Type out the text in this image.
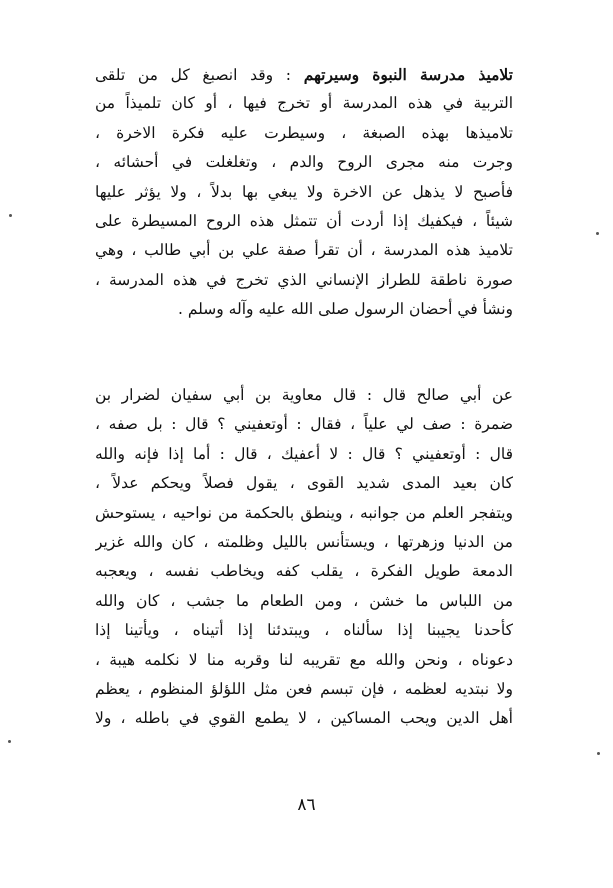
تلاميذ مدرسة النبوة وسيرتهم : وقد انصبغ كل من تلقى
التربية في هذه المدرسة أو تخرج فيها ، أو كان تلميذاً من
تلاميذها بهذه الصبغة ، وسيطرت عليه فكرة الاخرة ،
وجرت منه مجرى الروح والدم ، وتغلغلت في أحشائه ،
فأصبح لا يذهل عن الاخرة ولا يبغي بها بدلاً ، ولا يؤثر عليها
شيئاً ، فيكفيك إذا أردت أن تتمثل هذه الروح المسيطرة على
تلاميذ هذه المدرسة ، أن تقرأ صفة علي بن أبي طالب ، وهي
صورة ناطقة للطراز الإنساني الذي تخرج في هذه المدرسة ،
ونشأ في أحضان الرسول صلى الله عليه وآله وسلم .
عن أبي صالح قال : قال معاوية بن أبي سفيان لضرار بن
ضمرة : صف لي علياً ، فقال : أوتعفيني ؟ قال : بل صفه ،
قال : أوتعفيني ؟ قال : لا أعفيك ، قال : أما إذا فإنه والله
كان بعيد المدى شديد القوى ، يقول فصلاً ويحكم عدلاً ،
ويتفجر العلم من جوانبه ، وينطق بالحكمة من نواحيه ، يستوحش
من الدنيا وزهرتها ، ويستأنس بالليل وظلمته ، كان والله غزير
الدمعة طويل الفكرة ، يقلب كفه ويخاطب نفسه ، ويعجبه
من اللباس ما خشن ، ومن الطعام ما جشب ، كان والله
كأحدنا يجيبنا إذا سألناه ، ويبتدئنا إذا أتيناه ، ويأتينا إذا
دعوناه ، ونحن والله مع تقريبه لنا وقربه منا لا نكلمه هيبة ،
ولا نبتديه لعظمه ، فإن تبسم فعن مثل اللؤلؤ المنظوم ، يعظم
أهل الدين ويحب المساكين ، لا يطمع القوي في باطله ، ولا
٨٦
